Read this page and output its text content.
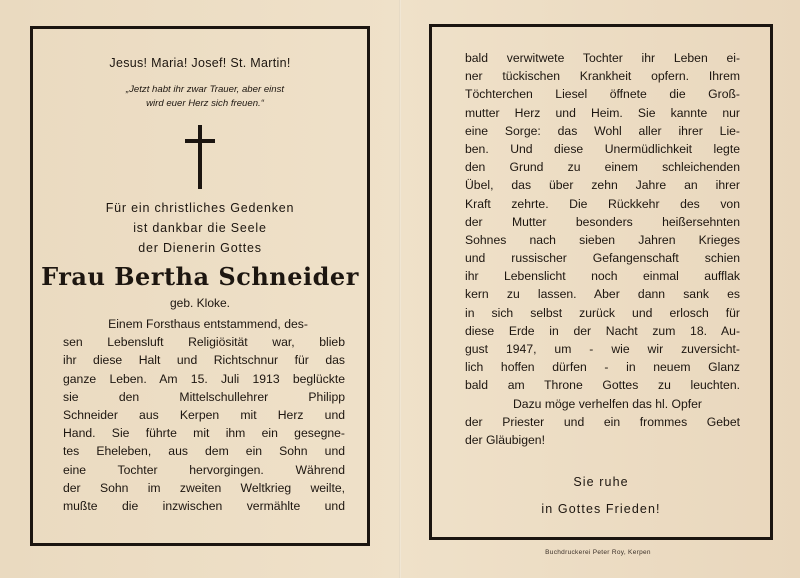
Jesus! Maria! Josef! St. Martin!
„Jetzt habt ihr zwar Trauer, aber einst
wird euer Herz sich freuen.“
Für ein christliches Gedenken
ist dankbar die Seele
der Dienerin Gottes
Frau Bertha Schneider
geb. Kloke.
Einem Forsthaus entstammend, des-
sen Lebensluft Religiösität war, blieb
ihr diese Halt und Richtschnur für das
ganze Leben. Am 15. Juli 1913 beglückte
sie den Mittelschullehrer Philipp
Schneider aus Kerpen mit Herz und
Hand. Sie führte mit ihm ein gesegne-
tes Eheleben, aus dem ein Sohn und
eine Tochter hervorgingen. Während
der Sohn im zweiten Weltkrieg weilte,
mußte die inzwischen vermählte und
bald verwitwete Tochter ihr Leben ei-
ner tückischen Krankheit opfern. Ihrem
Töchterchen Liesel öffnete die Groß-
mutter Herz und Heim. Sie kannte nur
eine Sorge: das Wohl aller ihrer Lie-
ben. Und diese Unermüdlichkeit legte
den Grund zu einem schleichenden
Übel, das über zehn Jahre an ihrer
Kraft zehrte. Die Rückkehr des von
der Mutter besonders heißersehnten
Sohnes nach sieben Jahren Krieges
und russischer Gefangenschaft schien
ihr Lebenslicht noch einmal aufflak
kern zu lassen. Aber dann sank es
in sich selbst zurück und erlosch für
diese Erde in der Nacht zum 18. Au-
gust 1947, um - wie wir zuversicht-
lich hoffen dürfen - in neuem Glanz
bald am Throne Gottes zu leuchten.
Dazu möge verhelfen das hl. Opfer
der Priester und ein frommes Gebet
der Gläubigen!
Sie ruhe
in Gottes Frieden!
Buchdruckerei Peter Roy, Kerpen
